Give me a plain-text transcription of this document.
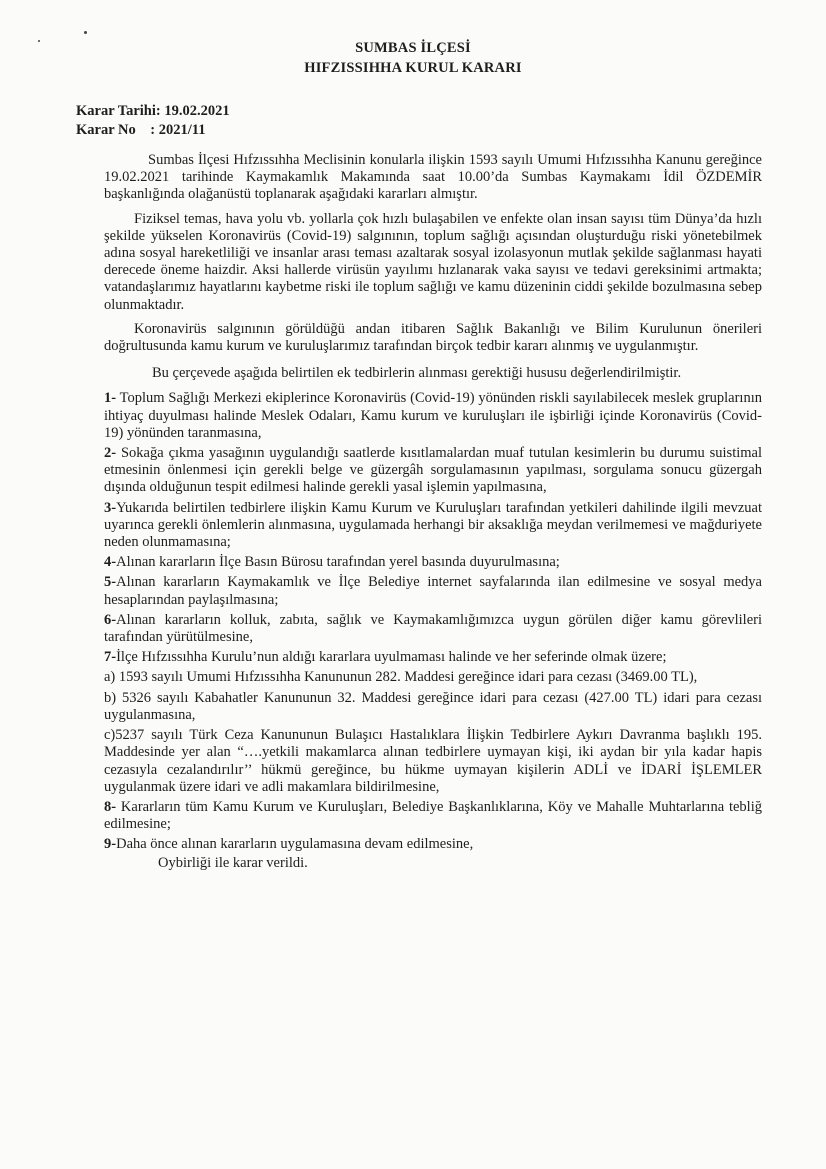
SUMBAS İLÇESİ
HIFZISSIHHA KURUL KARARI
Karar Tarihi: 19.02.2021
Karar No    : 2021/11

Sumbas İlçesi Hıfzıssıhha Meclisinin konularla ilişkin 1593 sayılı Umumi Hıfzıssıhha Kanunu gereğince 19.02.2021 tarihinde Kaymakamlık Makamında saat 10.00’da Sumbas Kaymakamı İdil ÖZDEMİR başkanlığında olağanüstü toplanarak aşağıdaki kararları almıştır.

Fiziksel temas, hava yolu vb. yollarla çok hızlı bulaşabilen ve enfekte olan insan sayısı tüm Dünya’da hızlı şekilde yükselen Koronavirüs (Covid-19) salgınının, toplum sağlığı açısından oluşturduğu riski yönetebilmek adına sosyal hareketliliği ve insanlar arası teması azaltarak sosyal izolasyonun mutlak şekilde sağlanması hayati derecede öneme haizdir. Aksi hallerde virüsün yayılımı hızlanarak vaka sayısı ve tedavi gereksinimi artmakta; vatandaşlarımız hayatlarını kaybetme riski ile toplum sağlığı ve kamu düzeninin ciddi şekilde bozulmasına sebep olunmaktadır.

Koronavirüs salgınının görüldüğü andan itibaren Sağlık Bakanlığı ve Bilim Kurulunun önerileri doğrultusunda kamu kurum ve kuruluşlarımız tarafından birçok tedbir kararı alınmış ve uygulanmıştır.

Bu çerçevede aşağıda belirtilen ek tedbirlerin alınması gerektiği hususu değerlendirilmiştir.

1- Toplum Sağlığı Merkezi ekiplerince Koronavirüs (Covid-19) yönünden riskli sayılabilecek meslek gruplarının ihtiyaç duyulması halinde Meslek Odaları, Kamu kurum ve kuruluşları ile işbirliği içinde Koronavirüs (Covid-19) yönünden taranmasına,

2- Sokağa çıkma yasağının uygulandığı saatlerde kısıtlamalardan muaf tutulan kesimlerin bu durumu suistimal etmesinin önlenmesi için gerekli belge ve güzergâh sorgulamasının yapılması, sorgulama sonucu güzergah dışında olduğunun tespit edilmesi halinde gerekli yasal işlemin yapılmasına,

3-Yukarıda belirtilen tedbirlere ilişkin Kamu Kurum ve Kuruluşları tarafından yetkileri dahilinde ilgili mevzuat uyarınca gerekli önlemlerin alınmasına, uygulamada herhangi bir aksaklığa meydan verilmemesi ve mağduriyete neden olunmamasına;

4-Alınan kararların İlçe Basın Bürosu tarafından yerel basında duyurulmasına;

5-Alınan kararların Kaymakamlık ve İlçe Belediye internet sayfalarında ilan edilmesine ve sosyal medya hesaplarından paylaşılmasına;

6-Alınan kararların kolluk, zabıta, sağlık ve Kaymakamlığımızca uygun görülen diğer kamu görevlileri tarafından yürütülmesine,

7-İlçe Hıfzıssıhha Kurulu’nun aldığı kararlara uyulmaması halinde ve her seferinde olmak üzere;

a) 1593 sayılı Umumi Hıfzıssıhha Kanununun 282. Maddesi gereğince idari para cezası (3469.00 TL),

b) 5326 sayılı Kabahatler Kanununun 32. Maddesi gereğince idari para cezası (427.00 TL) idari para cezası uygulanmasına,

c)5237 sayılı Türk Ceza Kanununun Bulaşıcı Hastalıklara İlişkin Tedbirlere Aykırı Davranma başlıklı 195. Maddesinde yer alan “….yetkili makamlarca alınan tedbirlere uymayan kişi, iki aydan bir yıla kadar hapis cezasıyla cezalandırılır’’ hükmü gereğince, bu hükme uymayan kişilerin ADLİ ve İDARİ İŞLEMLER uygulanmak üzere idari ve adli makamlara bildirilmesine,

8- Kararların tüm Kamu Kurum ve Kuruluşları, Belediye Başkanlıklarına, Köy ve Mahalle Muhtarlarına tebliğ edilmesine;

9-Daha önce alınan kararların uygulamasına devam edilmesine,

Oybirliği ile karar verildi.
